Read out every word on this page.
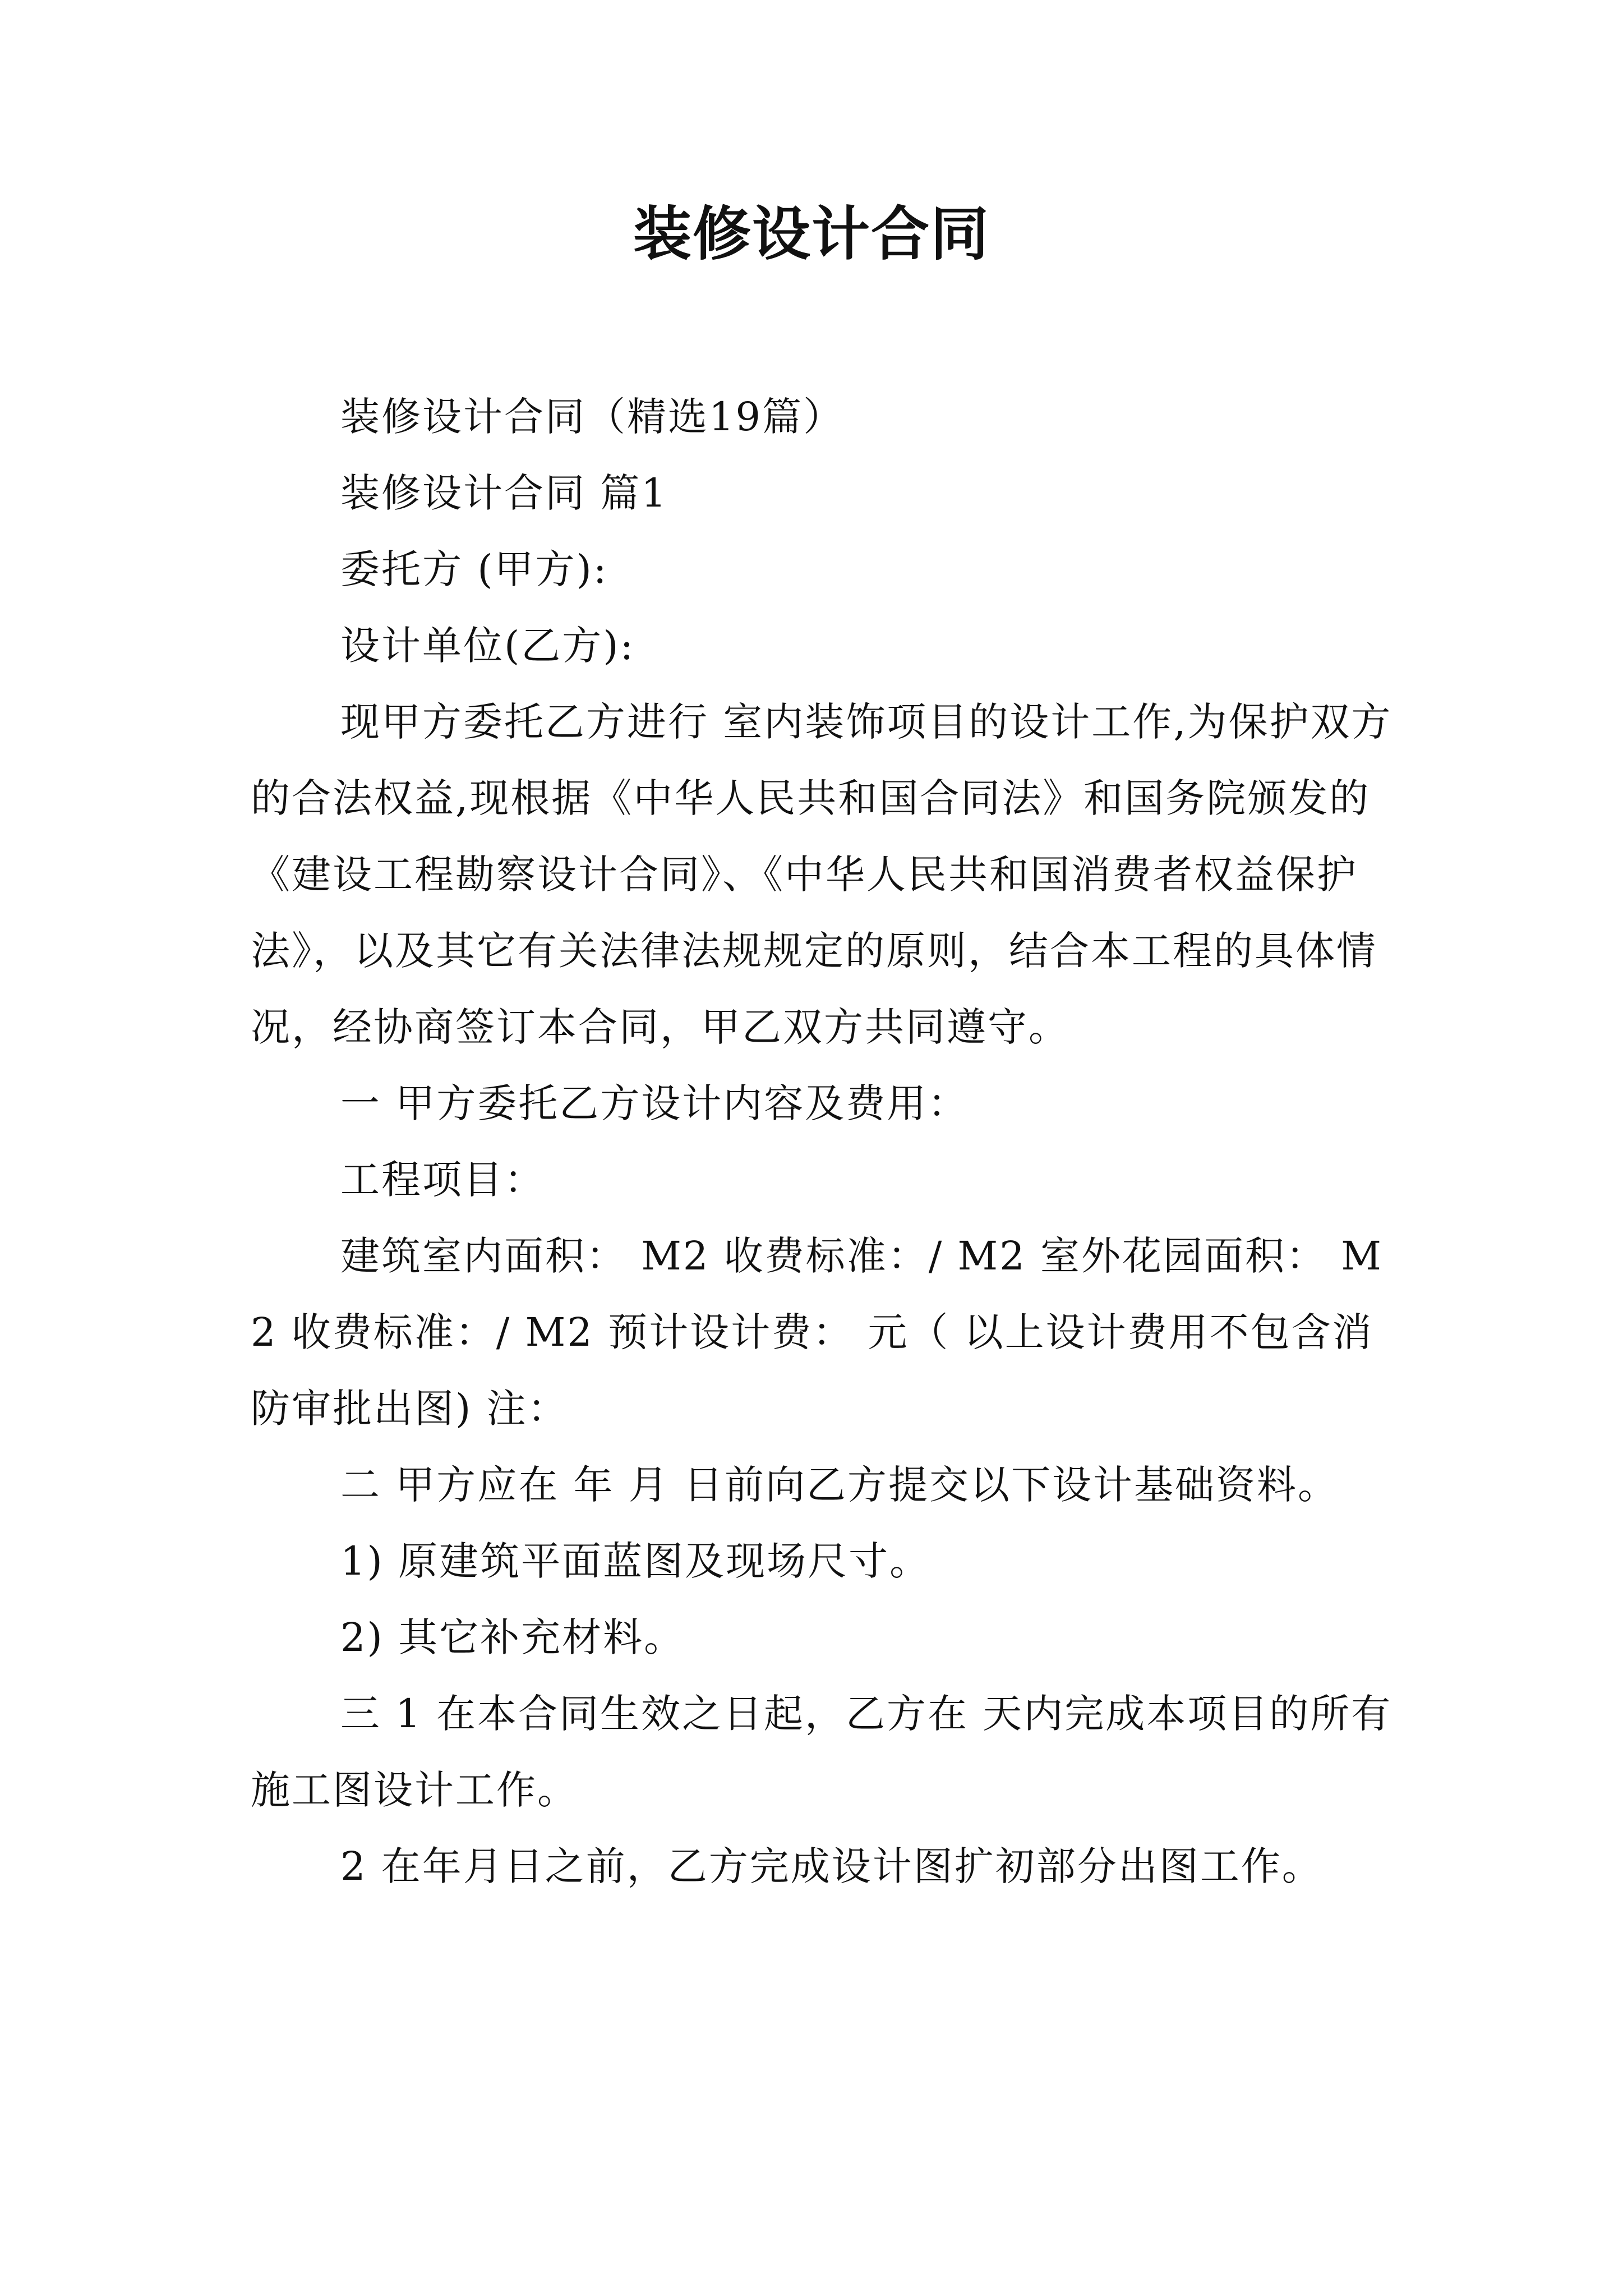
装修设计合同

装修设计合同（精选19篇）

装修设计合同 篇1

委托方 (甲方):

设计单位(乙方):

现甲方委托乙方进行 室内装饰项目的设计工作,为保护双方的合法权益,现根据《中华人民共和国合同法》和国务院颁发的《建设工程勘察设计合同》、《中华人民共和国消费者权益保护法》，以及其它有关法律法规规定的原则，结合本工程的具体情况，经协商签订本合同，甲乙双方共同遵守。

一 甲方委托乙方设计内容及费用：

工程项目：

建筑室内面积： M2 收费标准：/ M2 室外花园面积： M2 收费标准：/ M2 预计设计费： 元（ 以上设计费用不包含消防审批出图) 注：

二 甲方应在 年 月 日前向乙方提交以下设计基础资料。

1) 原建筑平面蓝图及现场尺寸。

2) 其它补充材料。

三 1 在本合同生效之日起，乙方在 天内完成本项目的所有施工图设计工作。

2 在年月日之前，乙方完成设计图扩初部分出图工作。
